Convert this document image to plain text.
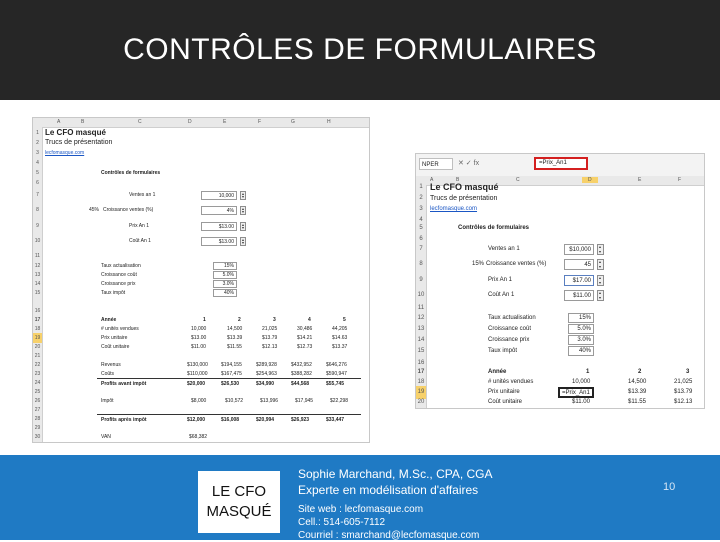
CONTRÔLES DE FORMULAIRES
A	B	C	D	E	F	G	H
1 Le CFO masqué
2 Trucs de présentation
3	lecfomasque.com
4
5	Contrôles de formulaires
6
7	Ventes an 1	10,000
8	45% Croissance ventes (%)	4%
9	Prix An 1	$13.00
10	Coût An 1	$13.00
11
12	Taux actualisation	15%
13	Croissance coût	5.0%
14	Croissance prix	3.0%
15	Taux impôt	40%
16
17	Année	1	2	3	4	5
18	# unités vendues	10,000	14,500	21,025	30,486	44,205
19	Prix unitaire	$13.00	$13.39	$13.79	$14.21	$14.63
20	Coût unitaire	$11.00	$11.55	$12.13	$12.73	$13.37
21
22	Revenus	$130,000	$194,155	$289,928	$432,952	$646,276
23	Coûts	$110,000	$167,475	$254,963	$388,282	$590,947
Profits avant impôt	$20,000	$26,530	$34,990	$44,568	$55,745
24
25
26	Impôt	$8,000	$10,572	$13,996	$17,945	$22,298
27
Profits après impôt	$12,000	$16,008	$20,994	$26,923	$33,447
28
29
30	VAN	$68,382
NPER	✕ ✓ fx	=Prix_An1
A	B	C	D	E	F
1 Le CFO masqué
2	Trucs de présentation
3	lecfomasque.com
4
5	Contrôles de formulaires
6
7	Ventes an 1	$10,000
8	15% Croissance ventes (%)	45
9	Prix An 1	$17.00
10	Coût An 1	$11.00
11
12	Taux actualisation	15%
13	Croissance coût	5.0%
14	Croissance prix	3.0%
15	Taux impôt	40%
16
17	Année	1	2	3
18	# unités vendues	10,000	14,500	21,025
19	Prix unitaire	=Prix_An1	$13.39	$13.79
20	Coût unitaire	$11.00	$11.55	$12.13
LE CFO
MASQUÉ
Sophie Marchand, M.Sc., CPA, CGA
Experte en modélisation d'affaires
Site web : lecfomasque.com
Cell.: 514-605-7112
Courriel : smarchand@lecfomasque.com
10
